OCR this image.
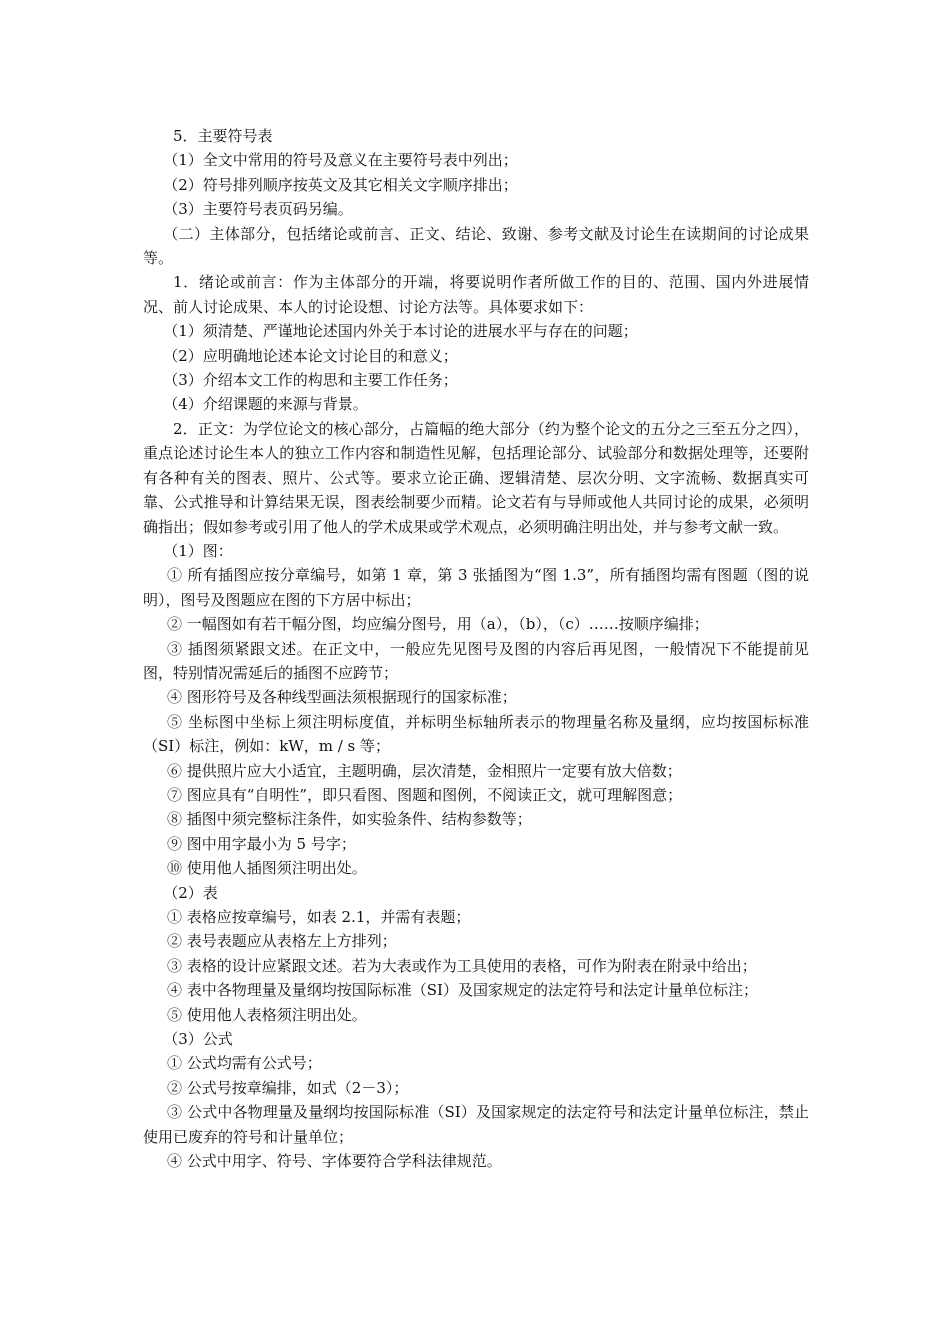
5．主要符号表

（1）全文中常用的符号及意义在主要符号表中列出；

（2）符号排列顺序按英文及其它相关文字顺序排出；

（3）主要符号表页码另编。

（二）主体部分，包括绪论或前言、正文、结论、致谢、参考文献及讨论生在读期间的讨论成果等。

1．绪论或前言：作为主体部分的开端，将要说明作者所做工作的目的、范围、国内外进展情况、前人讨论成果、本人的讨论设想、讨论方法等。具体要求如下：

（1）须清楚、严谨地论述国内外关于本讨论的进展水平与存在的问题；

（2）应明确地论述本论文讨论目的和意义；

（3）介绍本文工作的构思和主要工作任务；

（4）介绍课题的来源与背景。

2．正文：为学位论文的核心部分，占篇幅的绝大部分（约为整个论文的五分之三至五分之四），重点论述讨论生本人的独立工作内容和制造性见解，包括理论部分、试验部分和数据处理等，还要附有各种有关的图表、照片、公式等。要求立论正确、逻辑清楚、层次分明、文字流畅、数据真实可靠、公式推导和计算结果无误，图表绘制要少而精。论文若有与导师或他人共同讨论的成果，必须明确指出；假如参考或引用了他人的学术成果或学术观点，必须明确注明出处，并与参考文献一致。

（1）图：

① 所有插图应按分章编号，如第 1 章，第 3 张插图为“图 1.3”，所有插图均需有图题（图的说明），图号及图题应在图的下方居中标出；

② 一幅图如有若干幅分图，均应编分图号，用（a），（b），（c）……按顺序编排；

③ 插图须紧跟文述。在正文中，一般应先见图号及图的内容后再见图，一般情况下不能提前见图，特别情况需延后的插图不应跨节；

④ 图形符号及各种线型画法须根据现行的国家标准；

⑤ 坐标图中坐标上须注明标度值，并标明坐标轴所表示的物理量名称及量纲，应均按国标标准（SI）标注，例如：kW，m / s 等；

⑥ 提供照片应大小适宜，主题明确，层次清楚，金相照片一定要有放大倍数；

⑦ 图应具有“自明性”，即只看图、图题和图例，不阅读正文，就可理解图意；

⑧ 插图中须完整标注条件，如实验条件、结构参数等；

⑨ 图中用字最小为 5 号字；

⑩ 使用他人插图须注明出处。

（2）表

① 表格应按章编号，如表 2.1，并需有表题；

② 表号表题应从表格左上方排列；

③ 表格的设计应紧跟文述。若为大表或作为工具使用的表格，可作为附表在附录中给出；

④ 表中各物理量及量纲均按国际标准（SI）及国家规定的法定符号和法定计量单位标注；

⑤ 使用他人表格须注明出处。

（3）公式

① 公式均需有公式号；

② 公式号按章编排，如式（2－3）；

③ 公式中各物理量及量纲均按国际标准（SI）及国家规定的法定符号和法定计量单位标注，禁止使用已废弃的符号和计量单位；

④ 公式中用字、符号、字体要符合学科法律规范。
